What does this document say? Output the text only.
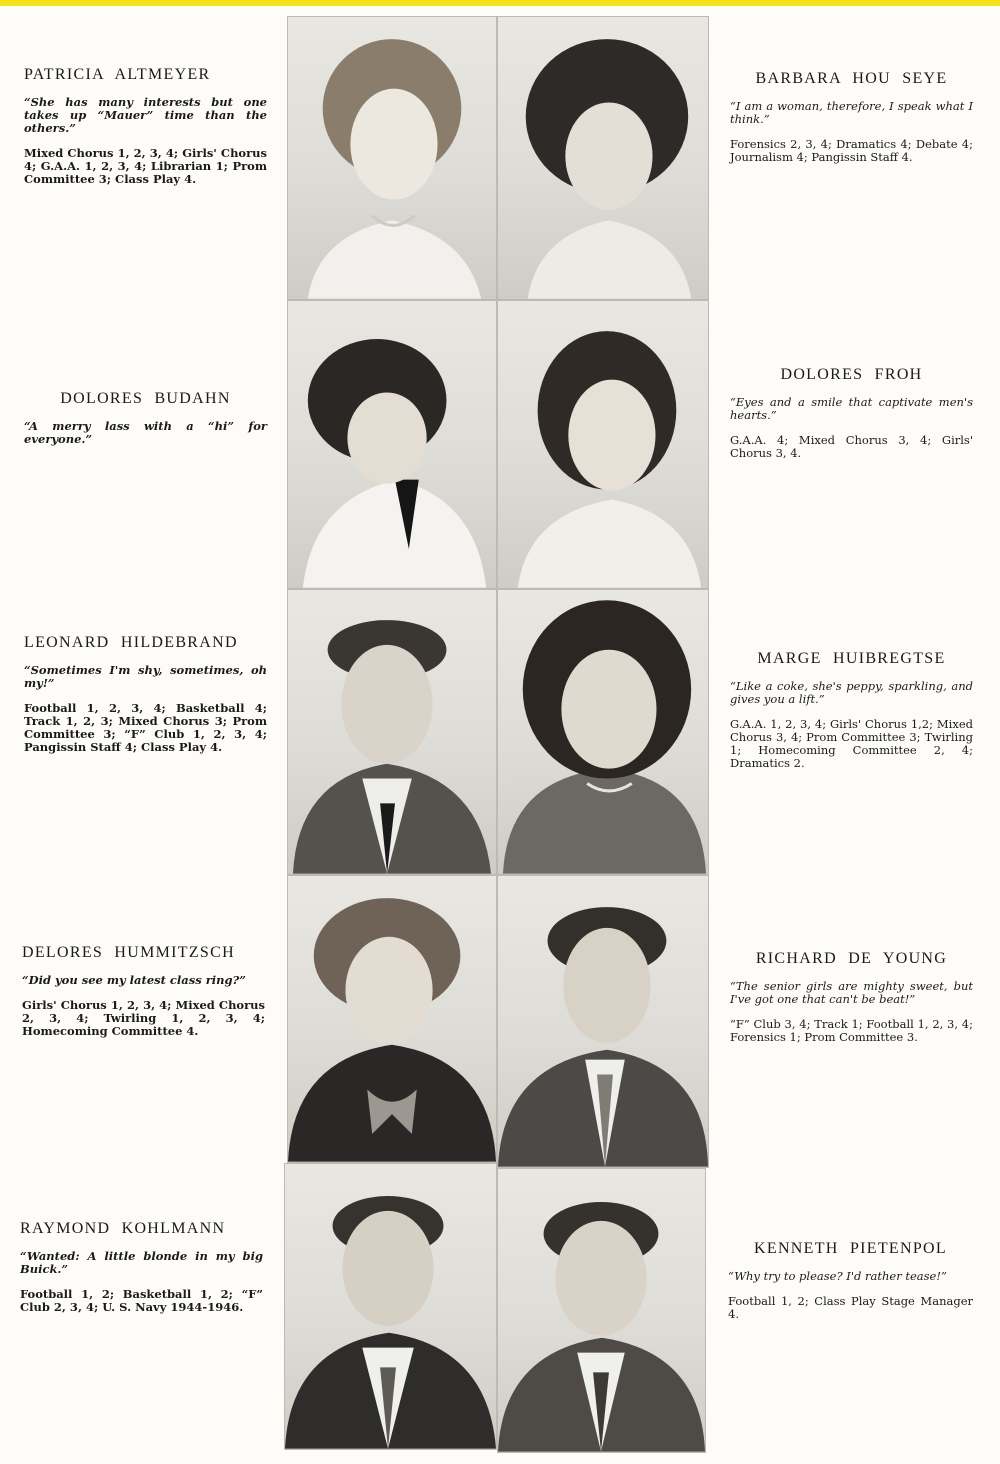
PATRICIA ALTMEYER
“She has many interests but one takes up “Mauer” time than the others.”
Mixed Chorus 1, 2, 3, 4; Girls' Chorus 4; G.A.A. 1, 2, 3, 4; Librarian 1; Prom Committee 3; Class Play 4.
BARBARA HOU SEYE
“I am a woman, therefore, I speak what I think.”
Forensics 2, 3, 4; Dramatics 4; Debate 4; Journalism 4; Pangissin Staff 4.
DOLORES BUDAHN
“A merry lass with a “hi” for everyone.”
DOLORES FROH
“Eyes and a smile that captivate men's hearts.”
G.A.A. 4; Mixed Chorus 3, 4; Girls' Chorus 3, 4.
LEONARD HILDEBRAND
“Sometimes I'm shy, sometimes, oh my!”
Football 1, 2, 3, 4; Basketball 4; Track 1, 2, 3; Mixed Chorus 3; Prom Committee 3; “F” Club 1, 2, 3, 4; Pangissin Staff 4; Class Play 4.
MARGE HUIBREGTSE
“Like a coke, she's peppy, sparkling, and gives you a lift.”
G.A.A. 1, 2, 3, 4; Girls' Chorus 1,2; Mixed Chorus 3, 4; Prom Committee 3; Twirling 1; Homecoming Committee 2, 4; Dramatics 2.
DELORES HUMMITZSCH
“Did you see my latest class ring?”
Girls' Chorus 1, 2, 3, 4; Mixed Chorus 2, 3, 4; Twirling 1, 2, 3, 4; Homecoming Committee 4.
RICHARD DE YOUNG
“The senior girls are mighty sweet, but I've got one that can't be beat!”
“F” Club 3, 4; Track 1; Football 1, 2, 3, 4; Forensics 1; Prom Committee 3.
RAYMOND KOHLMANN
“Wanted: A little blonde in my big Buick.”
Football 1, 2; Basketball 1, 2; “F” Club 2, 3, 4; U. S. Navy 1944-1946.
KENNETH PIETENPOL
“Why try to please? I'd rather tease!”
Football 1, 2; Class Play Stage Manager 4.
